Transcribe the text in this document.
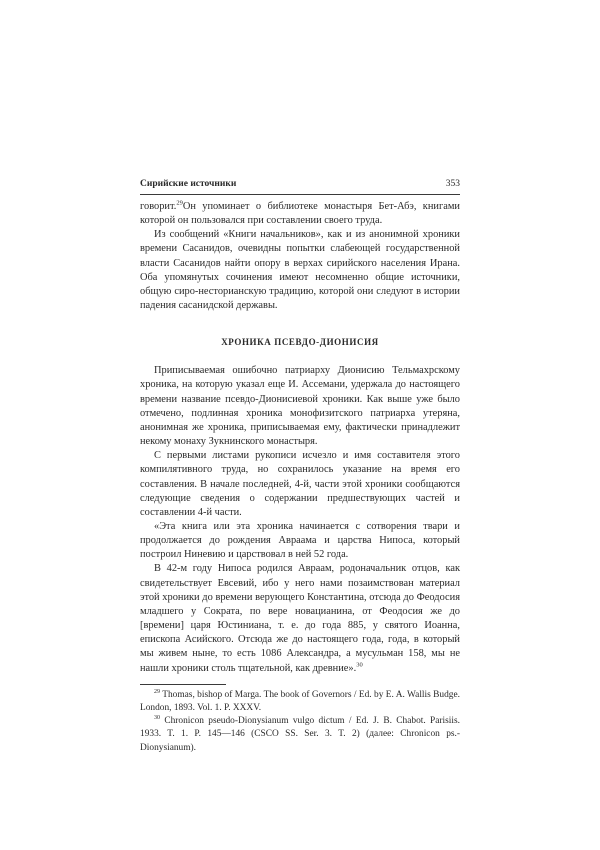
Сирийские источники	353

говорит.$^{29}$Он упоминает о библиотеке монастыря Бет-Абэ, книгами которой он пользовался при составлении своего труда.

Из сообщений «Книги начальников», как и из анонимной хроники времени Сасанидов, очевидны попытки слабеющей государственной власти Сасанидов найти опору в верхах сирийского населения Ирана. Оба упомянутых сочинения имеют несомненно общие источники, общую сиро-несторианскую традицию, которой они следуют в истории падения сасанидской державы.

ХРОНИКА ПСЕВДО-ДИОНИСИЯ

Приписываемая ошибочно патриарху Дионисию Тельмахрскому хроника, на которую указал еще И. Ассемани, удержала до настоящего времени название псевдо-Дионисиевой хроники. Как выше уже было отмечено, подлинная хроника монофизитского патриарха утеряна, анонимная же хроника, приписываемая ему, фактически принадлежит некому монаху Зукнинского монастыря.

С первыми листами рукописи исчезло и имя составителя этого компилятивного труда, но сохранилось указание на время его составления. В начале последней, 4-й, части этой хроники сообщаются следующие сведения о содержании предшествующих частей и составлении 4-й части.

«Эта книга или эта хроника начинается с сотворения твари и продолжается до рождения Авраама и царства Нипоса, который построил Ниневию и царствовал в ней 52 года.

В 42-м году Нипоса родился Авраам, родоначальник отцов, как свидетельствует Евсевий, ибо у него нами позаимствован материал этой хроники до времени верующего Константина, отсюда до Феодосия младшего у Сократа, по вере новацианина, от Феодосия же до [времени] царя Юстиниана, т. е. до года 885, у святого Иоанна, епископа Асийского. Отсюда же до настоящего года, года, в который мы живем ныне, то есть 1086 Александра, а мусульман 158, мы не нашли хроники столь тщательной, как древние».$^{30}$

$^{29}$ Thomas, bishop of Marga. The book of Governors / Ed. by E. A. Wallis Budge. London, 1893. Vol. 1. P. XXXV.

$^{30}$ Chronicon pseudo-Dionysianum vulgo dictum / Ed. J. B. Chabot. Parisiis. 1933. T. 1. P. 145—146 (CSCO SS. Ser. 3. T. 2) (далее: Chronicon ps.-Dionysianum).
